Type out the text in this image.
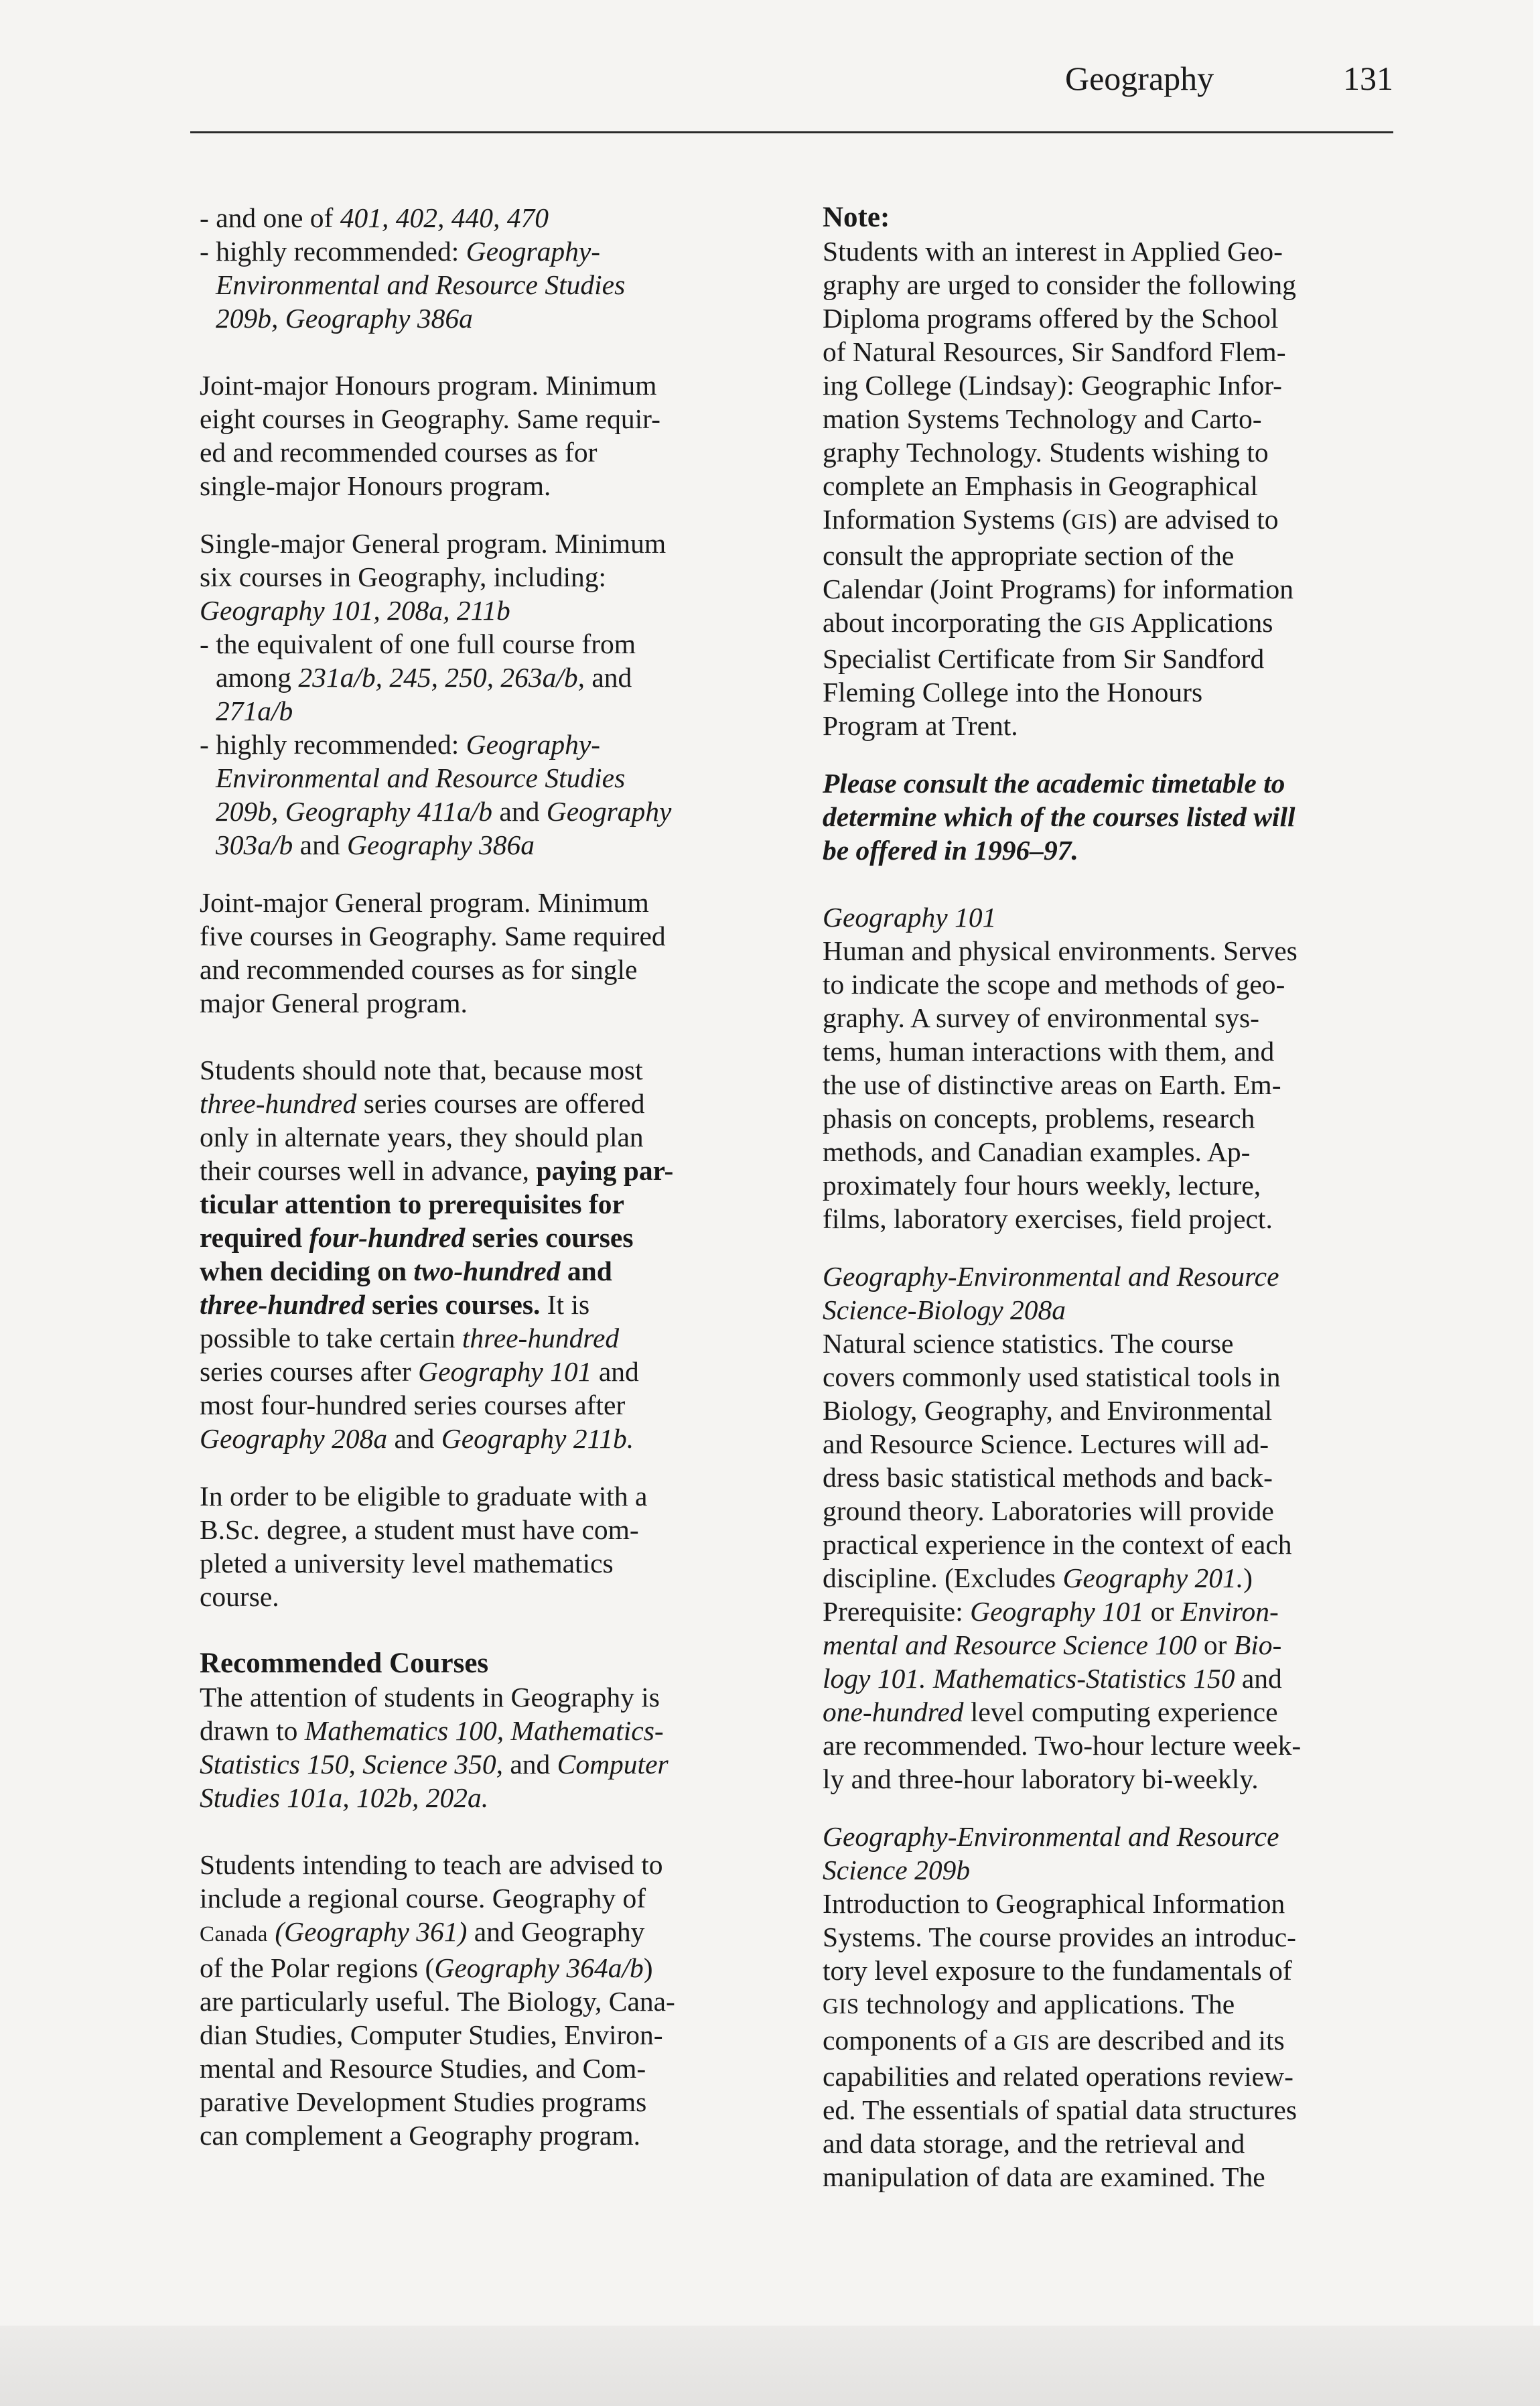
Geography	131

- and one of 401, 402, 440, 470

- highly recommended: Geography-

Environmental and Resource Studies

209b, Geography 386a

Joint-major Honours program. Minimum

eight courses in Geography. Same requir-

ed and recommended courses as for

single-major Honours program.

Single-major General program. Minimum

six courses in Geography, including:

Geography 101, 208a, 211b

- the equivalent of one full course from

among 231a/b, 245, 250, 263a/b, and

271a/b

- highly recommended: Geography-

Environmental and Resource Studies

209b, Geography 411a/b and Geography

303a/b and Geography 386a

Joint-major General program. Minimum

five courses in Geography. Same required

and recommended courses as for single

major General program.

Students should note that, because most

three-hundred series courses are offered

only in alternate years, they should plan

their courses well in advance, paying par-

ticular attention to prerequisites for

required four-hundred series courses

when deciding on two-hundred and

three-hundred series courses. It is

possible to take certain three-hundred

series courses after Geography 101 and

most four-hundred series courses after

Geography 208a and Geography 211b.

In order to be eligible to graduate with a

B.Sc. degree, a student must have com-

pleted a university level mathematics

course.

Recommended Courses

The attention of students in Geography is

drawn to Mathematics 100, Mathematics-

Statistics 150, Science 350, and Computer

Studies 101a, 102b, 202a.

Students intending to teach are advised to

include a regional course. Geography of

Canada (Geography 361) and Geography

of the Polar regions (Geography 364a/b)

are particularly useful. The Biology, Cana-

dian Studies, Computer Studies, Environ-

mental and Resource Studies, and Com-

parative Development Studies programs

can complement a Geography program.

Note:

Students with an interest in Applied Geo-

graphy are urged to consider the following

Diploma programs offered by the School

of Natural Resources, Sir Sandford Flem-

ing College (Lindsay): Geographic Infor-

mation Systems Technology and Carto-

graphy Technology. Students wishing to

complete an Emphasis in Geographical

Information Systems (GIS) are advised to

consult the appropriate section of the

Calendar (Joint Programs) for information

about incorporating the GIS Applications

Specialist Certificate from Sir Sandford

Fleming College into the Honours

Program at Trent.

Please consult the academic timetable to

determine which of the courses listed will

be offered in 1996–97.

Geography 101

Human and physical environments. Serves

to indicate the scope and methods of geo-

graphy. A survey of environmental sys-

tems, human interactions with them, and

the use of distinctive areas on Earth. Em-

phasis on concepts, problems, research

methods, and Canadian examples. Ap-

proximately four hours weekly, lecture,

films, laboratory exercises, field project.

Geography-Environmental and Resource

Science-Biology 208a

Natural science statistics. The course

covers commonly used statistical tools in

Biology, Geography, and Environmental

and Resource Science. Lectures will ad-

dress basic statistical methods and back-

ground theory. Laboratories will provide

practical experience in the context of each

discipline. (Excludes Geography 201.)

Prerequisite: Geography 101 or Environ-

mental and Resource Science 100 or Bio-

logy 101. Mathematics-Statistics 150 and

one-hundred level computing experience

are recommended. Two-hour lecture week-

ly and three-hour laboratory bi-weekly.

Geography-Environmental and Resource

Science 209b

Introduction to Geographical Information

Systems. The course provides an introduc-

tory level exposure to the fundamentals of

GIS technology and applications. The

components of a GIS are described and its

capabilities and related operations review-

ed. The essentials of spatial data structures

and data storage, and the retrieval and

manipulation of data are examined. The
